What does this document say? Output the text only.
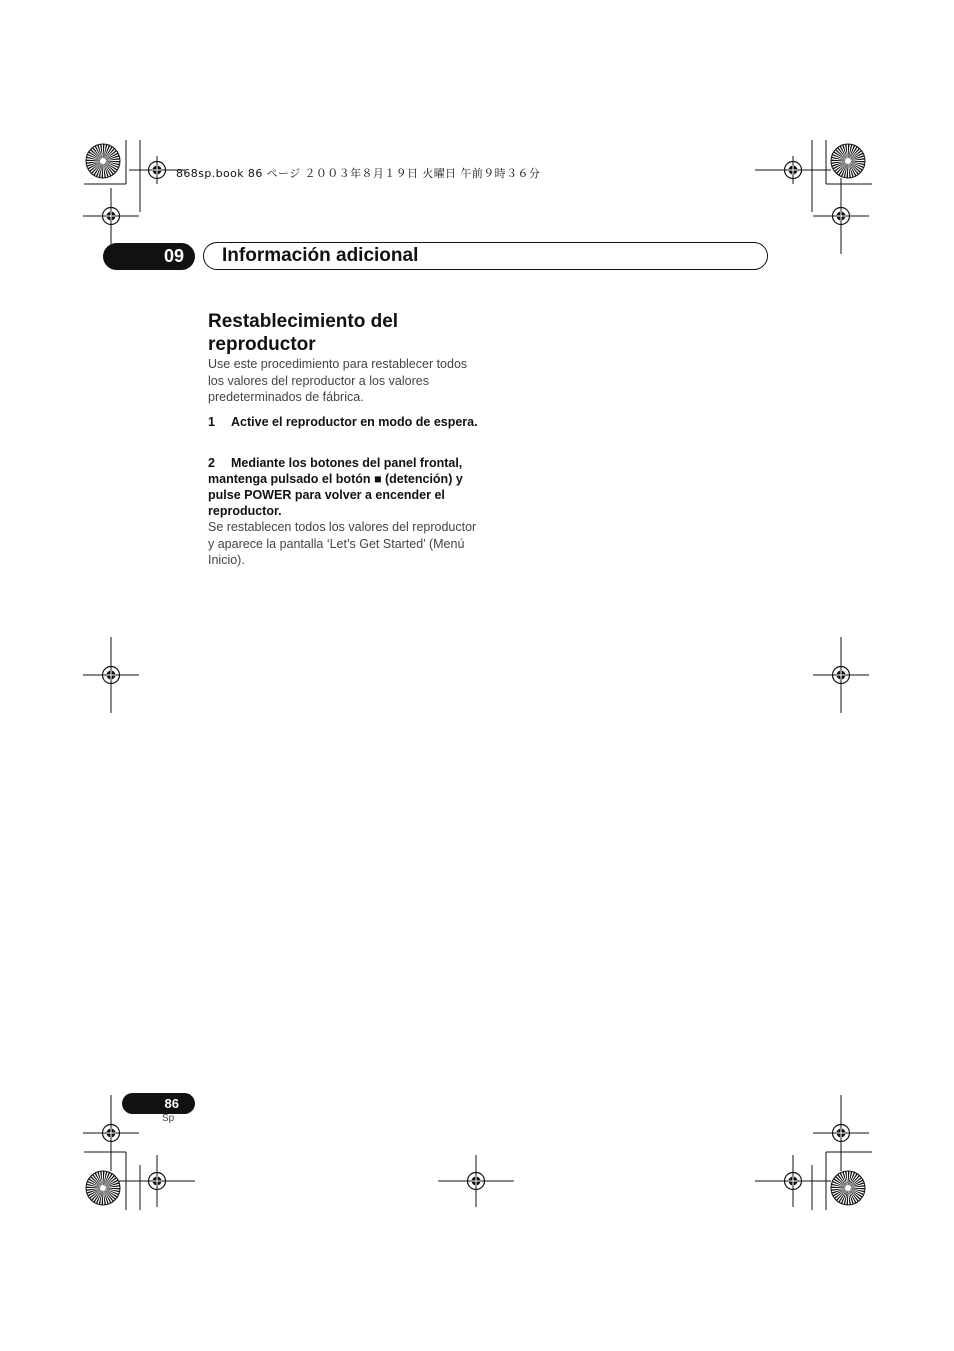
868sp.book 86 ページ ２００３年８月１９日 火曜日 午前９時３６分
09 Información adicional
Restablecimiento del
reproductor
Use este procedimiento para restablecer todos los valores del reproductor a los valores predeterminados de fábrica.
1 Active el reproductor en modo de espera.
2 Mediante los botones del panel frontal, mantenga pulsado el botón ■ (detención) y pulse POWER para volver a encender el reproductor.
Se restablecen todos los valores del reproductor y aparece la pantalla ‘Let’s Get Started’ (Menú Inicio).
86
Sp
